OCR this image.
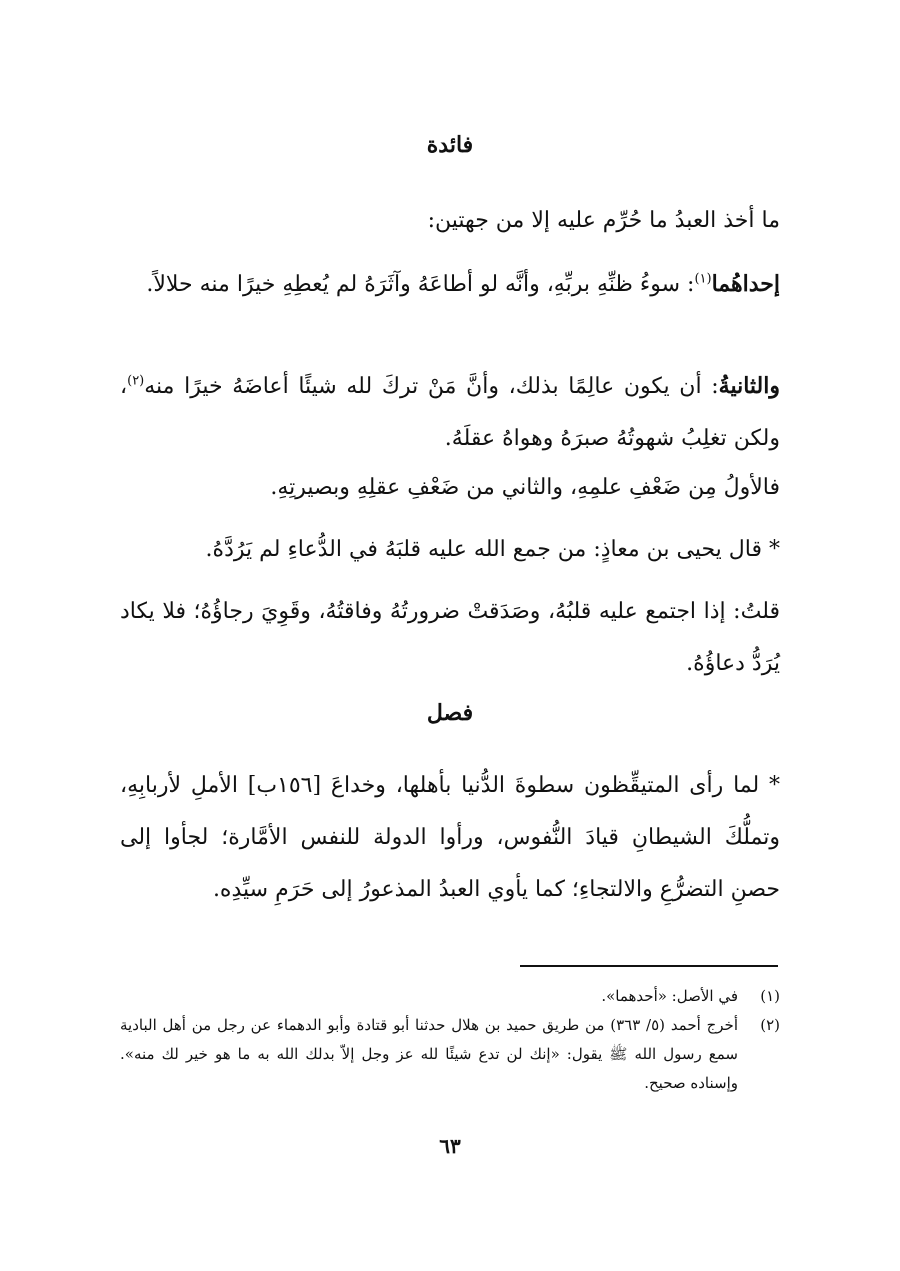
فائدة
ما أخذ العبدُ ما حُرِّم عليه إلا من جهتين:
إحداهُما$^{(١)}$: سوءُ ظنِّهِ بربِّهِ، وأنَّه لو أطاعَهُ وآثَرَهُ لم يُعطِهِ خيرًا منه حلالاً.
والثانيةُ: أن يكون عالِمًا بذلك، وأنَّ مَنْ تركَ لله شيئًا أعاضَهُ خيرًا منه$^{(٢)}$، ولكن تغلِبُ شهوتُهُ صبرَهُ وهواهُ عقلَهُ.
فالأولُ مِن ضَعْفِ علمِهِ، والثاني من ضَعْفِ عقلِهِ وبصيرتِهِ.
* قال يحيى بن معاذٍ: من جمع الله عليه قلبَهُ في الدُّعاءِ لم يَرُدَّهُ.
قلتُ: إذا اجتمع عليه قلبُهُ، وصَدَقتْ ضرورتُهُ وفاقتُهُ، وقَوِيَ رجاؤُهُ؛ فلا يكاد يُرَدُّ دعاؤُهُ.
فصل
* لما رأى المتيقِّظون سطوةَ الدُّنيا بأهلها، وخداعَ [١٥٦ب] الأملِ لأربابِهِ، وتملُّكَ الشيطانِ قيادَ النُّفوس، ورأوا الدولة للنفس الأمَّارة؛ لجأوا إلى حصنِ التضرُّعِ والالتجاءِ؛ كما يأوي العبدُ المذعورُ إلى حَرَمِ سيِّدِه.
(١)
في الأصل: «أحدهما».
(٢)
أخرج أحمد (٥/ ٣٦٣) من طريق حميد بن هلال حدثنا أبو قتادة وأبو الدهماء عن رجل من أهل البادية سمع رسول الله ﷺ يقول: «إنك لن تدع شيئًا لله عز وجل إلاّ بدلك الله به ما هو خير لك منه». وإسناده صحيح.
٦٣
